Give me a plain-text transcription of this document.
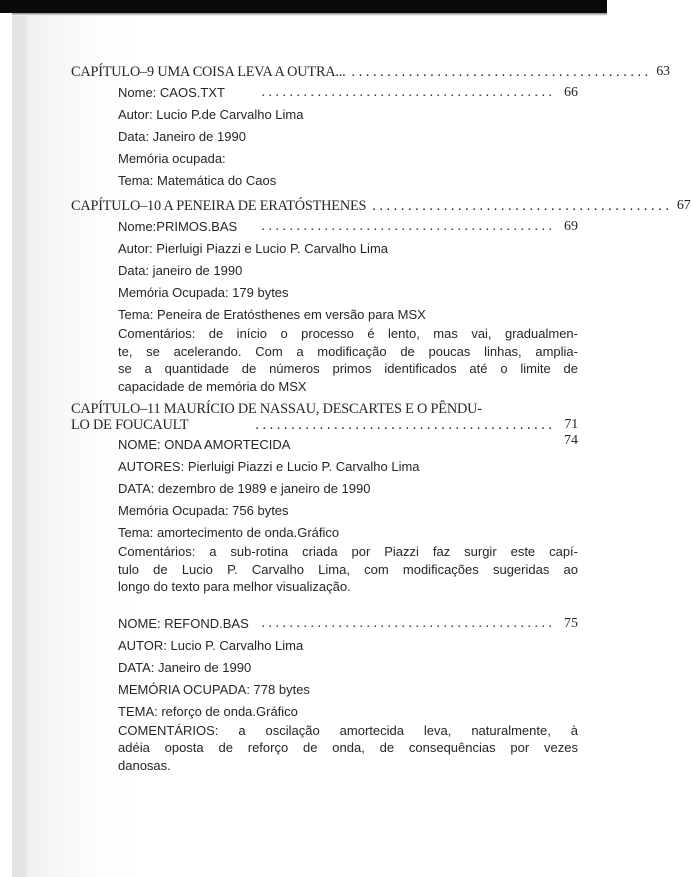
CAPÍTULO–9 UMA COISA LEVA A OUTRA... . . . . . . . . . . . . . . . . . . . . . . . . . . . . . . . . . . . . . . . . . . 63
Nome: CAOS.TXT	. . . . . . . . . . . . . . . . . . . . . . . . . . . . . . . . . . . . . . . . . . 66
Autor: Lucio P.de Carvalho Lima
Data: Janeiro de 1990
Memória ocupada:
Tema: Matemática do Caos
CAPÍTULO–10 A PENEIRA DE ERATÓSTHENES . . . . . . . . . . . . . . . . . . . . . . . . . . . . . . . . . . . . . . . . . . 67
Nome:PRIMOS.BAS	. . . . . . . . . . . . . . . . . . . . . . . . . . . . . . . . . . . . . . . . . . 69
Autor: Pierluigi Piazzi e Lucio P. Carvalho Lima
Data: janeiro de 1990
Memória Ocupada: 179 bytes
Tema: Peneira de Eratósthenes em versão para MSX
Comentários: de início o processo é lento, mas vai, gradualmen-
te, se acelerando. Com a modificação de poucas linhas, amplia-
se a quantidade de números primos identificados até o limite de
capacidade de memória do MSX
CAPÍTULO–11 MAURÍCIO DE NASSAU, DESCARTES E O PÊNDU-
LO DE FOUCAULT	. . . . . . . . . . . . . . . . . . . . . . . . . . . . . . . . . . . . . . . . . . 71
NOME: ONDA AMORTECIDA	74
AUTORES: Pierluigi Piazzi e Lucio P. Carvalho Lima
DATA: dezembro de 1989 e janeiro de 1990
Memória Ocupada: 756 bytes
Tema: amortecimento de onda.Gráfico
Comentários: a sub-rotina criada por Piazzi faz surgir este capí-
tulo de Lucio P. Carvalho Lima, com modificações sugeridas ao
longo do texto para melhor visualização.
NOME: REFOND.BAS . . . . . . . . . . . . . . . . . . . . . . . . . . . . . . . . . . . . . . . . . . 75
AUTOR: Lucio P. Carvalho Lima
DATA: Janeiro de 1990
MEMÓRIA OCUPADA: 778 bytes
TEMA: reforço de onda.Gráfico
COMENTÁRIOS: a oscilação amortecida leva, naturalmente, à
adéia oposta de reforço de onda, de consequências por vezes
danosas.
